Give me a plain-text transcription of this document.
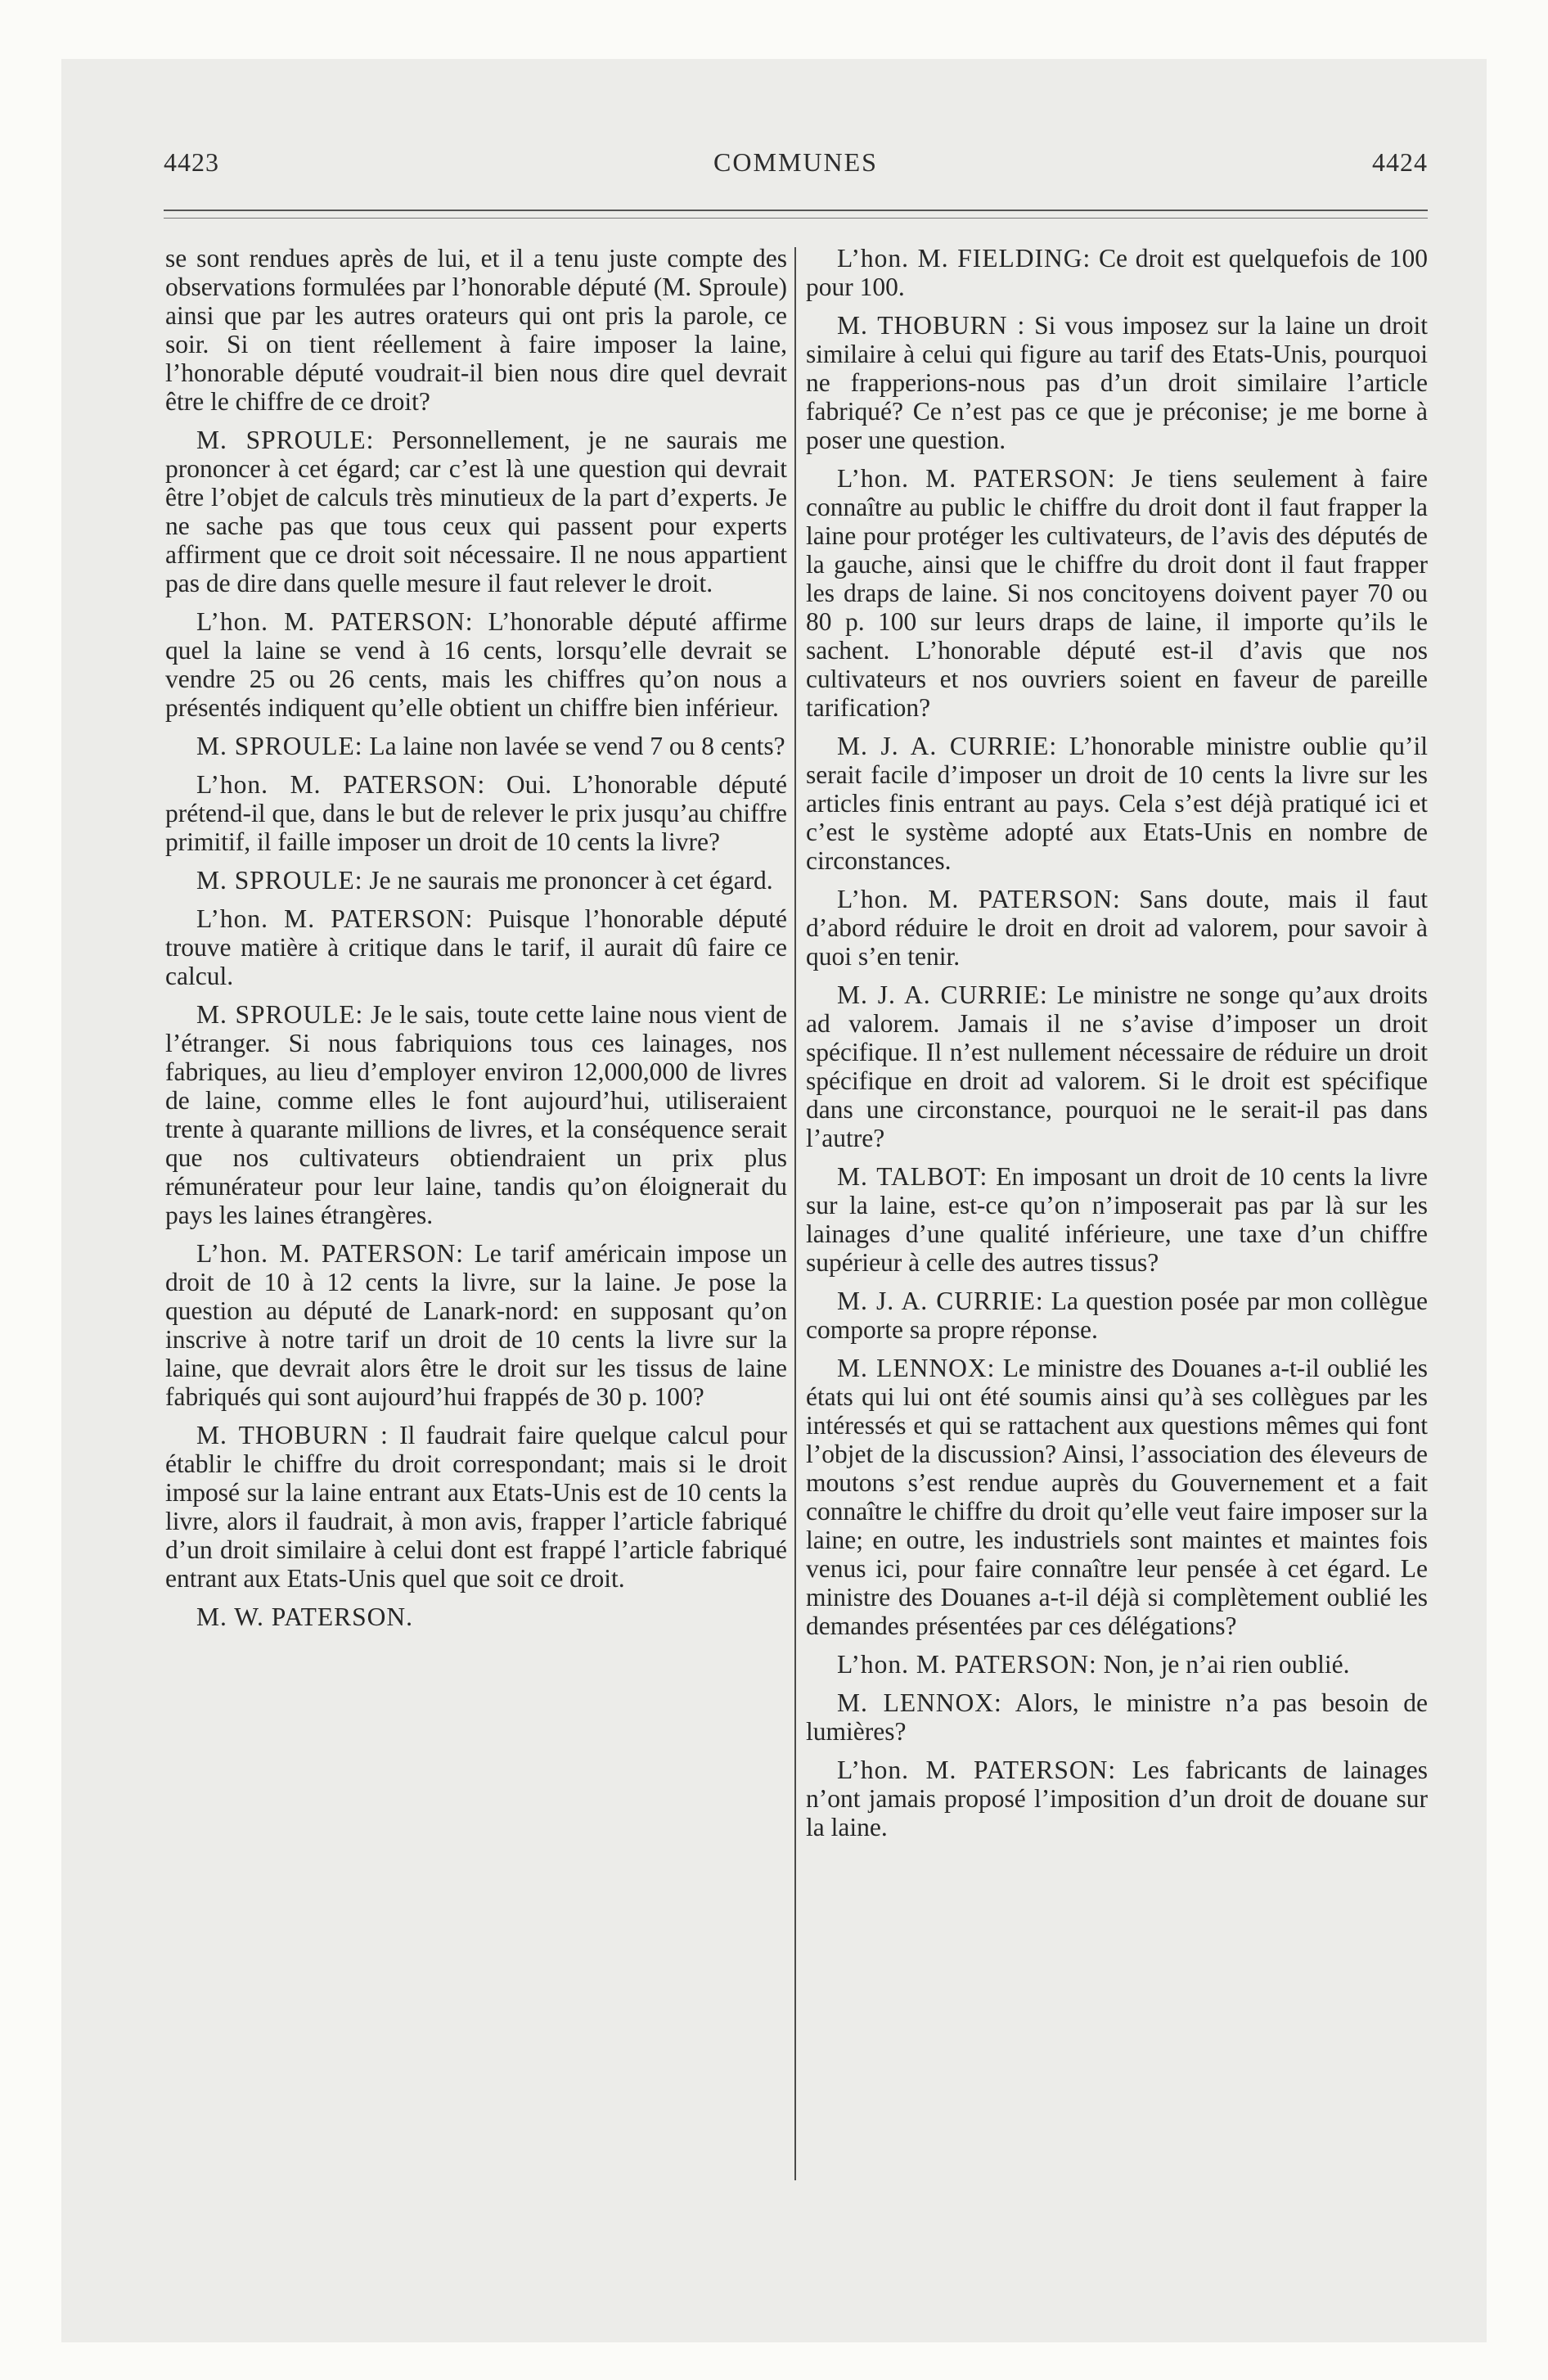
4423	COMMUNES	4424

se sont rendues après de lui, et il a tenu juste compte des observations formulées par l’honorable député (M. Sproule) ainsi que par les autres orateurs qui ont pris la parole, ce soir. Si on tient réellement à faire imposer la laine, l’honorable député voudrait-il bien nous dire quel devrait être le chiffre de ce droit?

M. SPROULE: Personnellement, je ne saurais me prononcer à cet égard; car c’est là une question qui devrait être l’objet de calculs très minutieux de la part d’experts. Je ne sache pas que tous ceux qui passent pour experts affirment que ce droit soit nécessaire. Il ne nous appartient pas de dire dans quelle mesure il faut relever le droit.

L’hon. M. PATERSON: L’honorable député affirme quel la laine se vend à 16 cents, lorsqu’elle devrait se vendre 25 ou 26 cents, mais les chiffres qu’on nous a présentés indiquent qu’elle obtient un chiffre bien inférieur.

M. SPROULE: La laine non lavée se vend 7 ou 8 cents?

L’hon. M. PATERSON: Oui. L’honorable député prétend-il que, dans le but de relever le prix jusqu’au chiffre primitif, il faille imposer un droit de 10 cents la livre?

M. SPROULE: Je ne saurais me prononcer à cet égard.

L’hon. M. PATERSON: Puisque l’honorable député trouve matière à critique dans le tarif, il aurait dû faire ce calcul.

M. SPROULE: Je le sais, toute cette laine nous vient de l’étranger. Si nous fabriquions tous ces lainages, nos fabriques, au lieu d’employer environ 12,000,000 de livres de laine, comme elles le font aujourd’hui, utiliseraient trente à quarante millions de livres, et la conséquence serait que nos cultivateurs obtiendraient un prix plus rémunérateur pour leur laine, tandis qu’on éloignerait du pays les laines étrangères.

L’hon. M. PATERSON: Le tarif américain impose un droit de 10 à 12 cents la livre, sur la laine. Je pose la question au député de Lanark-nord: en supposant qu’on inscrive à notre tarif un droit de 10 cents la livre sur la laine, que devrait alors être le droit sur les tissus de laine fabriqués qui sont aujourd’hui frappés de 30 p. 100?

M. THOBURN : Il faudrait faire quelque calcul pour établir le chiffre du droit correspondant; mais si le droit imposé sur la laine entrant aux Etats-Unis est de 10 cents la livre, alors il faudrait, à mon avis, frapper l’article fabriqué d’un droit similaire à celui dont est frappé l’article fabriqué entrant aux Etats-Unis quel que soit ce droit.

M. W. PATERSON.

L’hon. M. FIELDING: Ce droit est quelquefois de 100 pour 100.

M. THOBURN : Si vous imposez sur la laine un droit similaire à celui qui figure au tarif des Etats-Unis, pourquoi ne frapperions-nous pas d’un droit similaire l’article fabriqué? Ce n’est pas ce que je préconise; je me borne à poser une question.

L’hon. M. PATERSON: Je tiens seulement à faire connaître au public le chiffre du droit dont il faut frapper la laine pour protéger les cultivateurs, de l’avis des députés de la gauche, ainsi que le chiffre du droit dont il faut frapper les draps de laine. Si nos concitoyens doivent payer 70 ou 80 p. 100 sur leurs draps de laine, il importe qu’ils le sachent. L’honorable député est-il d’avis que nos cultivateurs et nos ouvriers soient en faveur de pareille tarification?

M. J. A. CURRIE: L’honorable ministre oublie qu’il serait facile d’imposer un droit de 10 cents la livre sur les articles finis entrant au pays. Cela s’est déjà pratiqué ici et c’est le système adopté aux Etats-Unis en nombre de circonstances.

L’hon. M. PATERSON: Sans doute, mais il faut d’abord réduire le droit en droit ad valorem, pour savoir à quoi s’en tenir.

M. J. A. CURRIE: Le ministre ne songe qu’aux droits ad valorem. Jamais il ne s’avise d’imposer un droit spécifique. Il n’est nullement nécessaire de réduire un droit spécifique en droit ad valorem. Si le droit est spécifique dans une circonstance, pourquoi ne le serait-il pas dans l’autre?

M. TALBOT: En imposant un droit de 10 cents la livre sur la laine, est-ce qu’on n’imposerait pas par là sur les lainages d’une qualité inférieure, une taxe d’un chiffre supérieur à celle des autres tissus?

M. J. A. CURRIE: La question posée par mon collègue comporte sa propre réponse.

M. LENNOX: Le ministre des Douanes a-t-il oublié les états qui lui ont été soumis ainsi qu’à ses collègues par les intéressés et qui se rattachent aux questions mêmes qui font l’objet de la discussion? Ainsi, l’association des éleveurs de moutons s’est rendue auprès du Gouvernement et a fait connaître le chiffre du droit qu’elle veut faire imposer sur la laine; en outre, les industriels sont maintes et maintes fois venus ici, pour faire connaître leur pensée à cet égard. Le ministre des Douanes a-t-il déjà si complètement oublié les demandes présentées par ces délégations?

L’hon. M. PATERSON: Non, je n’ai rien oublié.

M. LENNOX: Alors, le ministre n’a pas besoin de lumières?

L’hon. M. PATERSON: Les fabricants de lainages n’ont jamais proposé l’imposition d’un droit de douane sur la laine.
